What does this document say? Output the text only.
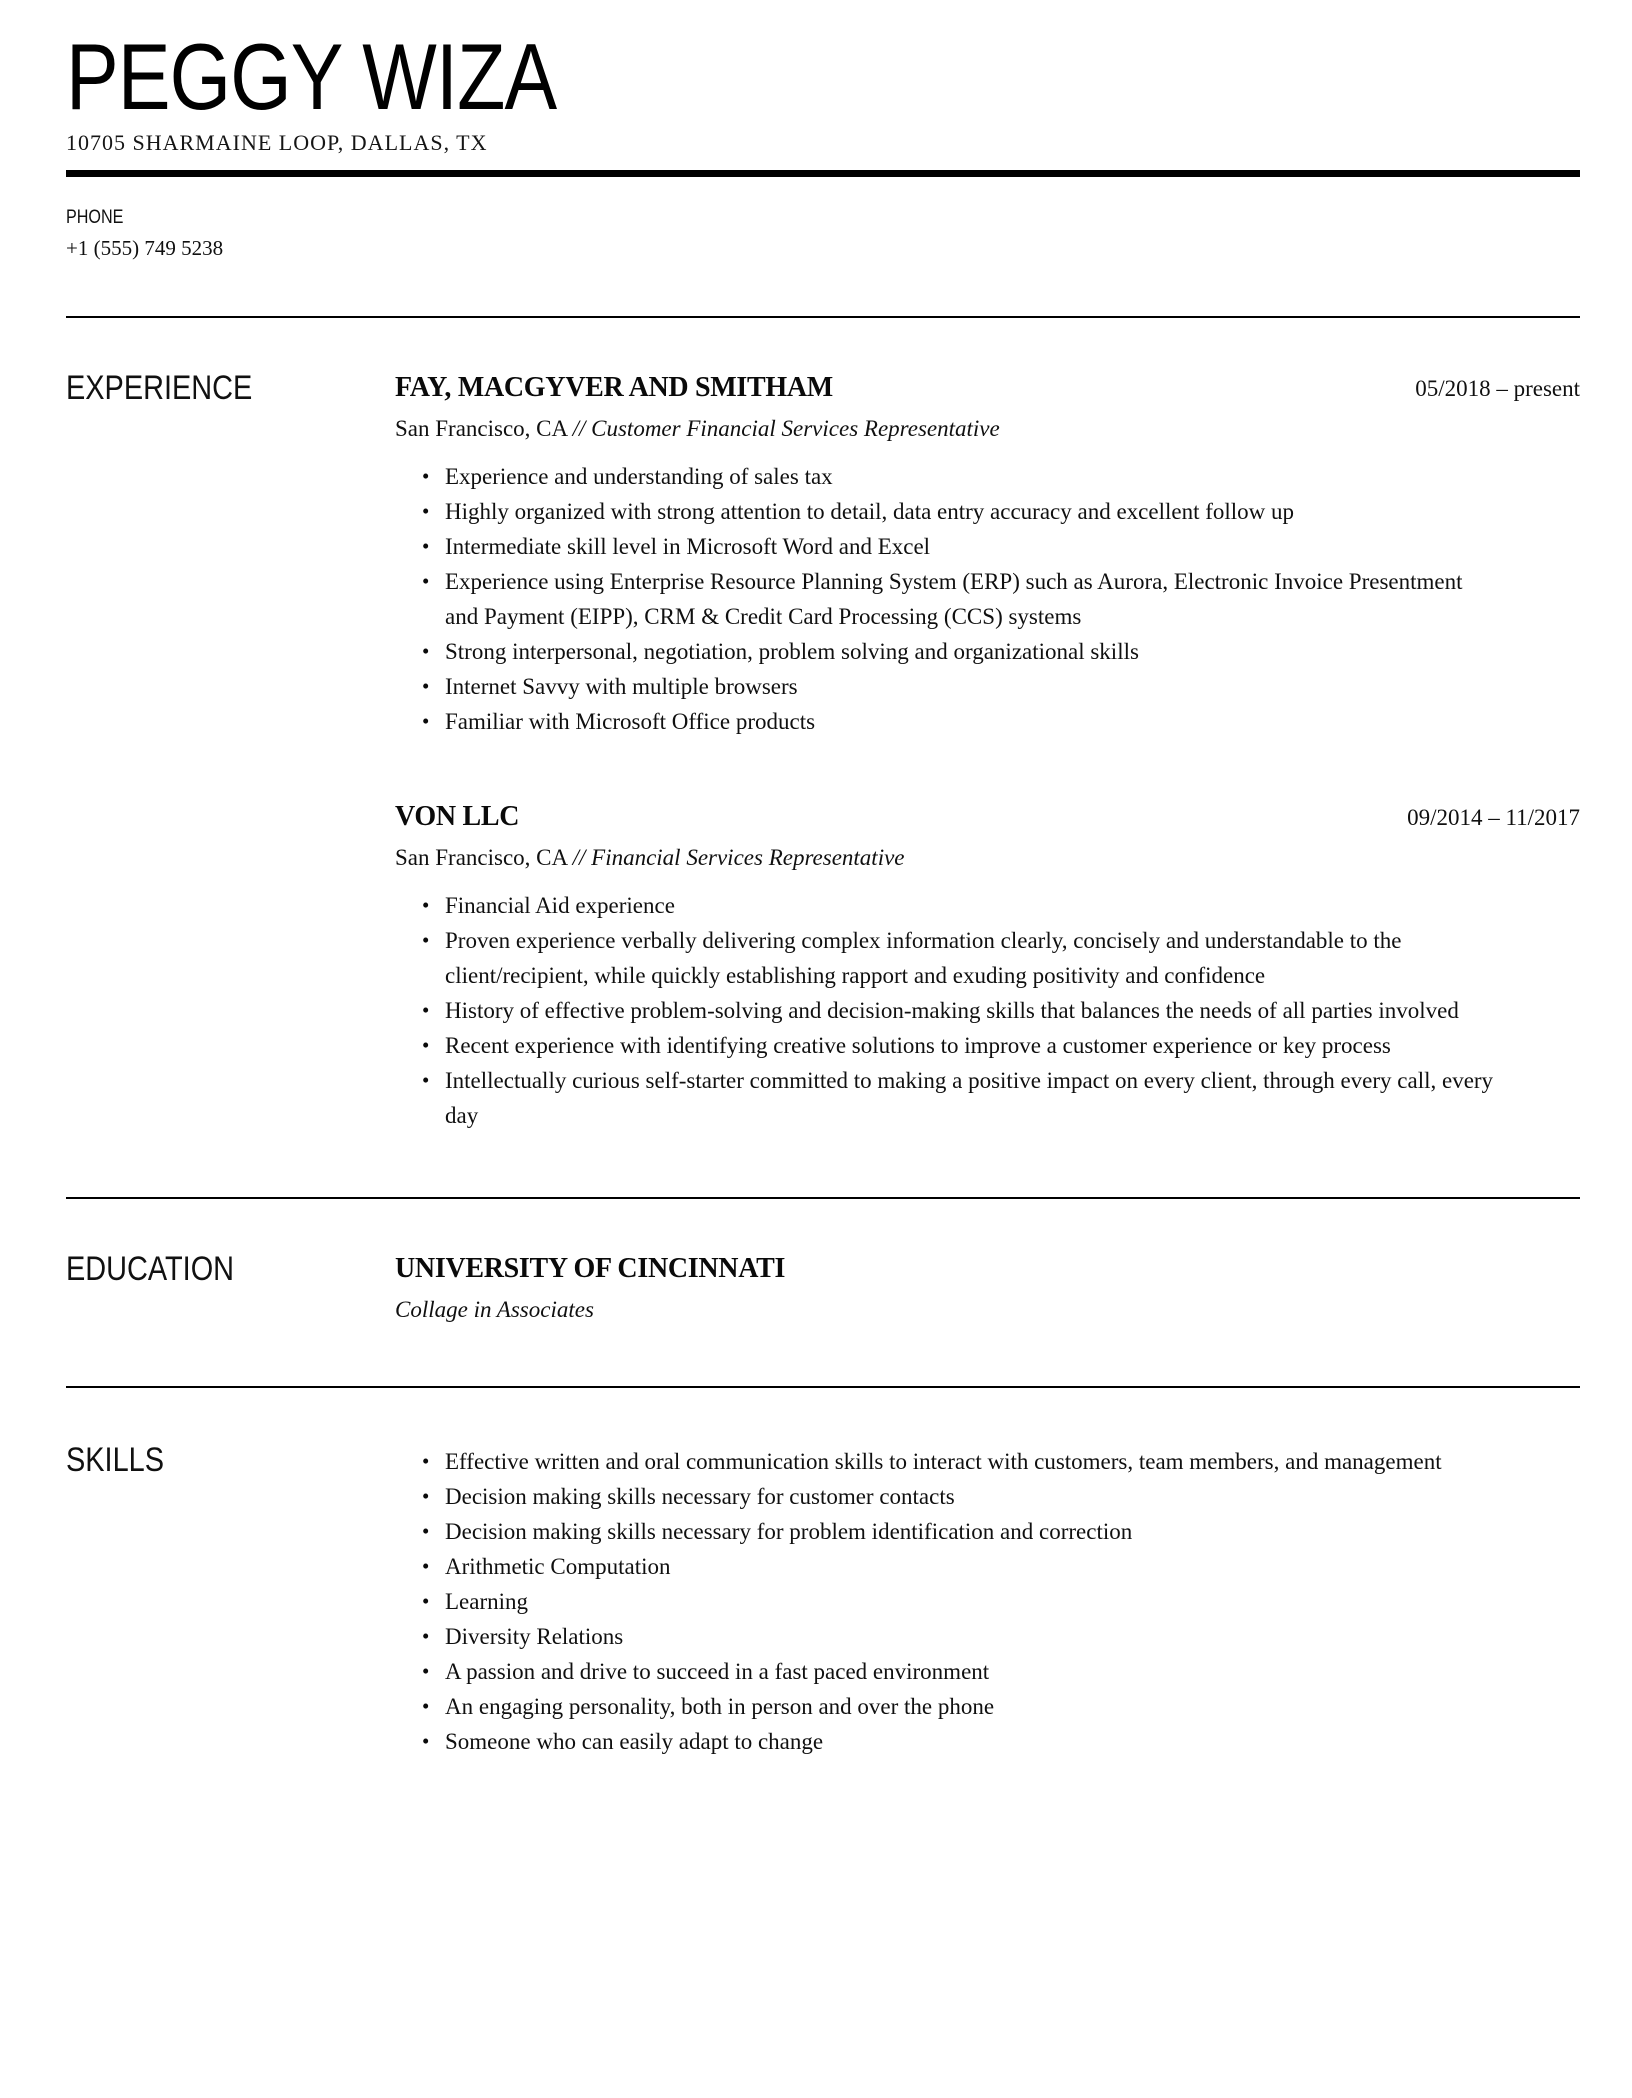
PEGGY WIZA
10705 SHARMAINE LOOP, DALLAS, TX
PHONE
+1 (555) 749 5238
EXPERIENCE	FAY, MACGYVER AND SMITHAM	05/2018 – present
San Francisco, CA // Customer Financial Services Representative
• Experience and understanding of sales tax
• Highly organized with strong attention to detail, data entry accuracy and excellent follow up
• Intermediate skill level in Microsoft Word and Excel
• Experience using Enterprise Resource Planning System (ERP) such as Aurora, Electronic Invoice Presentment and Payment (EIPP), CRM & Credit Card Processing (CCS) systems
• Strong interpersonal, negotiation, problem solving and organizational skills
• Internet Savvy with multiple browsers
• Familiar with Microsoft Office products
VON LLC	09/2014 – 11/2017
San Francisco, CA // Financial Services Representative
• Financial Aid experience
• Proven experience verbally delivering complex information clearly, concisely and understandable to the client/recipient, while quickly establishing rapport and exuding positivity and confidence
• History of effective problem-solving and decision-making skills that balances the needs of all parties involved
• Recent experience with identifying creative solutions to improve a customer experience or key process
• Intellectually curious self-starter committed to making a positive impact on every client, through every call, every day
EDUCATION	UNIVERSITY OF CINCINNATI
Collage in Associates
SKILLS	• Effective written and oral communication skills to interact with customers, team members, and management
• Decision making skills necessary for customer contacts
• Decision making skills necessary for problem identification and correction
• Arithmetic Computation
• Learning
• Diversity Relations
• A passion and drive to succeed in a fast paced environment
• An engaging personality, both in person and over the phone
• Someone who can easily adapt to change
